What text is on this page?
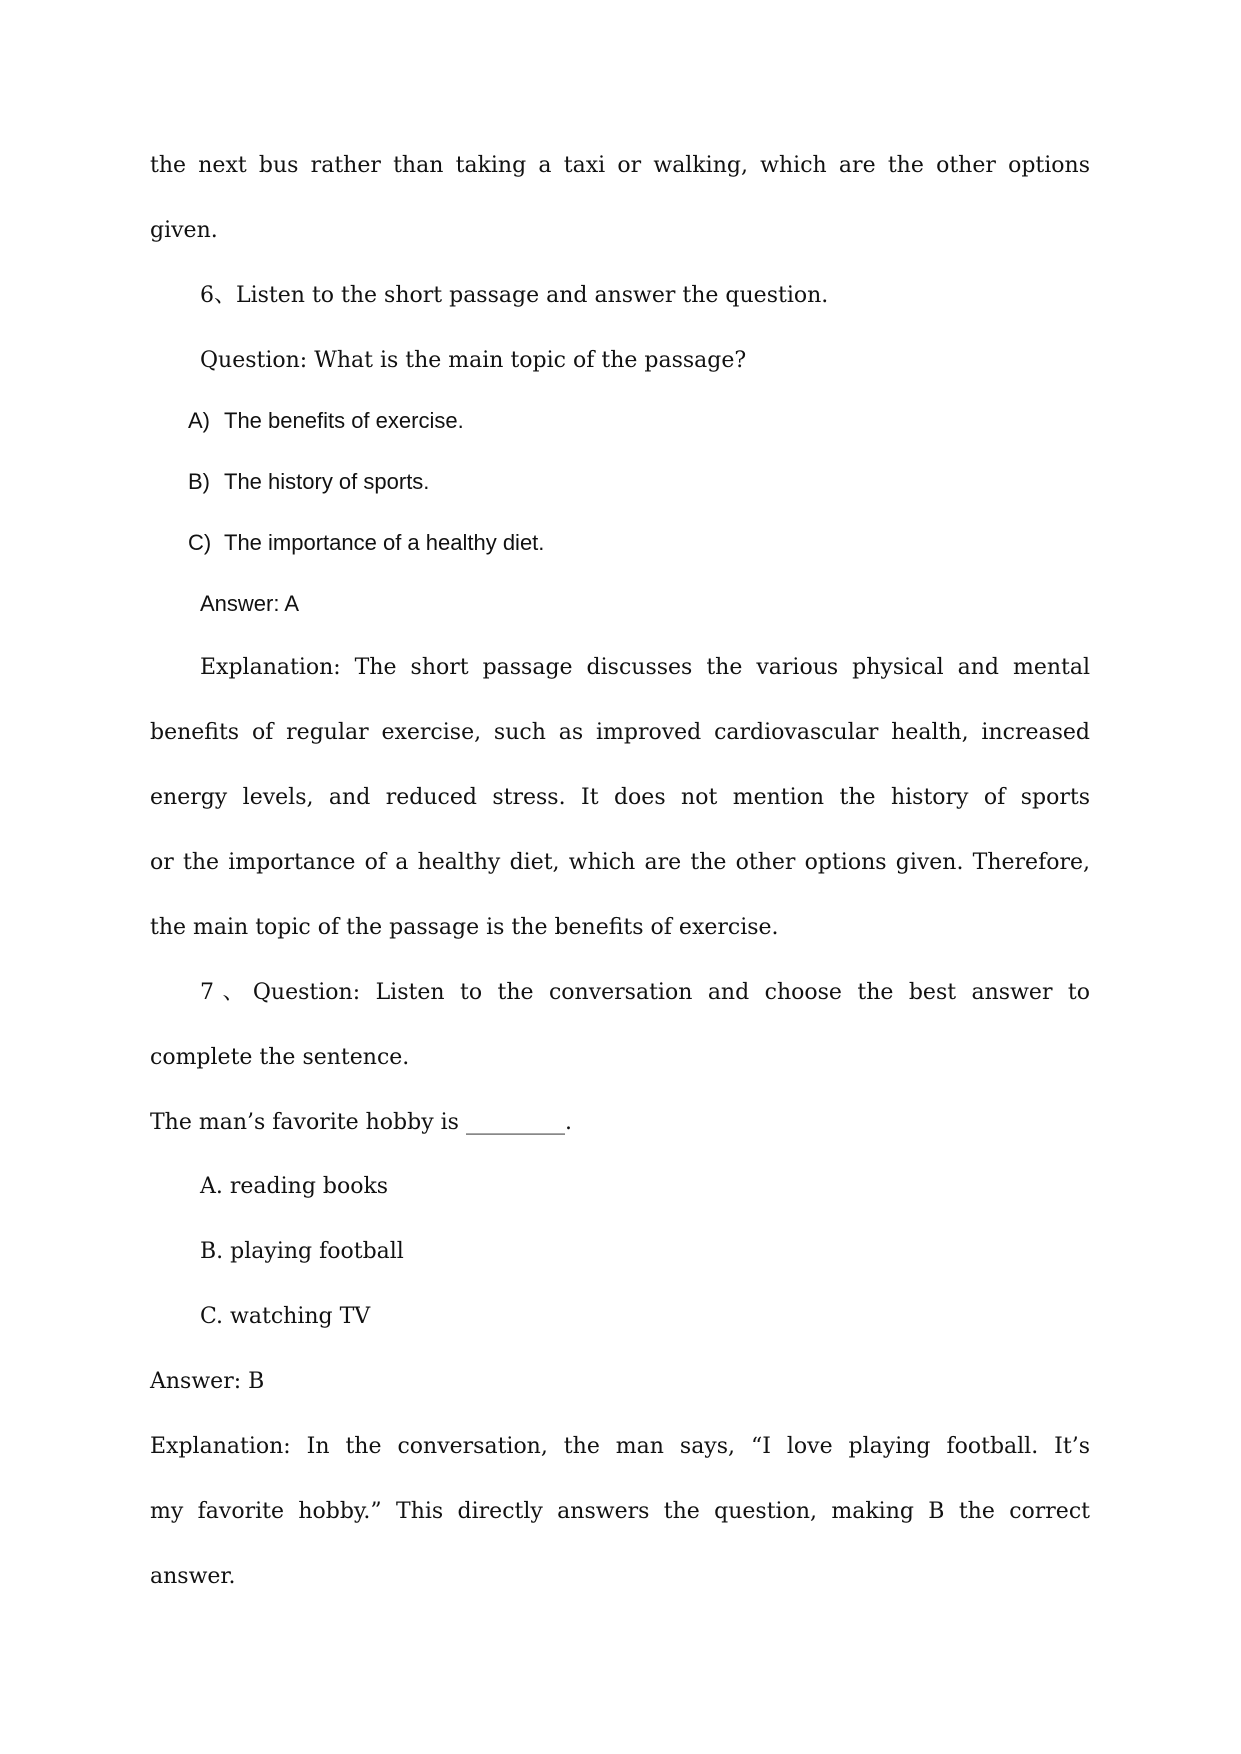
the next bus rather than taking a taxi or walking, which are the other options

given.

6、Listen to the short passage and answer the question.

Question: What is the main topic of the passage?

A) The benefits of exercise.
B) The history of sports.
C) The importance of a healthy diet.

Answer: A

Explanation: The short passage discusses the various physical and mental

benefits of regular exercise, such as improved cardiovascular health, increased

energy levels, and reduced stress. It does not mention the history of sports

or the importance of a healthy diet, which are the other options given. Therefore,

the main topic of the passage is the benefits of exercise.

7、Question: Listen to the conversation and choose the best answer to

complete the sentence.

The man’s favorite hobby is _________.

A. reading books

B. playing football

C. watching TV

Answer: B

Explanation: In the conversation, the man says, “I love playing football. It’s

my favorite hobby.” This directly answers the question, making B the correct

answer.
